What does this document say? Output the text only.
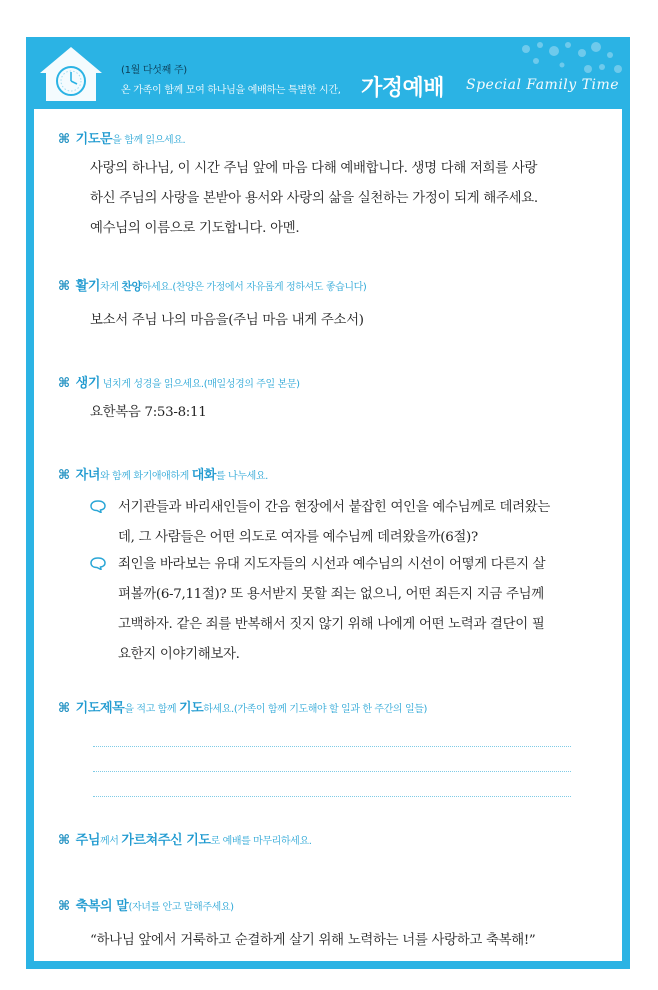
(1월 다섯째 주)
온 가족이 함께 모여 하나님을 예배하는 특별한 시간, 가정예배 Special Family Time
⌘ 기도문을 함께 읽으세요.
사랑의 하나님, 이 시간 주님 앞에 마음 다해 예배합니다. 생명 다해 저희를 사랑
하신 주님의 사랑을 본받아 용서와 사랑의 삶을 실천하는 가정이 되게 해주세요.
예수님의 이름으로 기도합니다. 아멘.
⌘ 활기차게 찬양하세요.(찬양은 가정에서 자유롭게 정하셔도 좋습니다)
보소서 주님 나의 마음을(주님 마음 내게 주소서)
⌘ 생기 넘치게 성경을 읽으세요.(매일성경의 주일 본문)
요한복음 7:53-8:11
⌘ 자녀와 함께 화기애애하게 대화를 나누세요.
서기관들과 바리새인들이 간음 현장에서 붙잡힌 여인을 예수님께로 데려왔는
데, 그 사람들은 어떤 의도로 여자를 예수님께 데려왔을까(6절)?
죄인을 바라보는 유대 지도자들의 시선과 예수님의 시선이 어떻게 다른지 살
펴볼까(6-7,11절)? 또 용서받지 못할 죄는 없으니, 어떤 죄든지 지금 주님께
고백하자. 같은 죄를 반복해서 짓지 않기 위해 나에게 어떤 노력과 결단이 필
요한지 이야기해보자.
⌘ 기도제목을 적고 함께 기도하세요.(가족이 함께 기도해야 할 일과 한 주간의 일들)
⌘ 주님께서 가르쳐주신 기도로 예배를 마무리하세요.
⌘ 축복의 말(자녀를 안고 말해주세요)
“하나님 앞에서 거룩하고 순결하게 살기 위해 노력하는 너를 사랑하고 축복해!”
